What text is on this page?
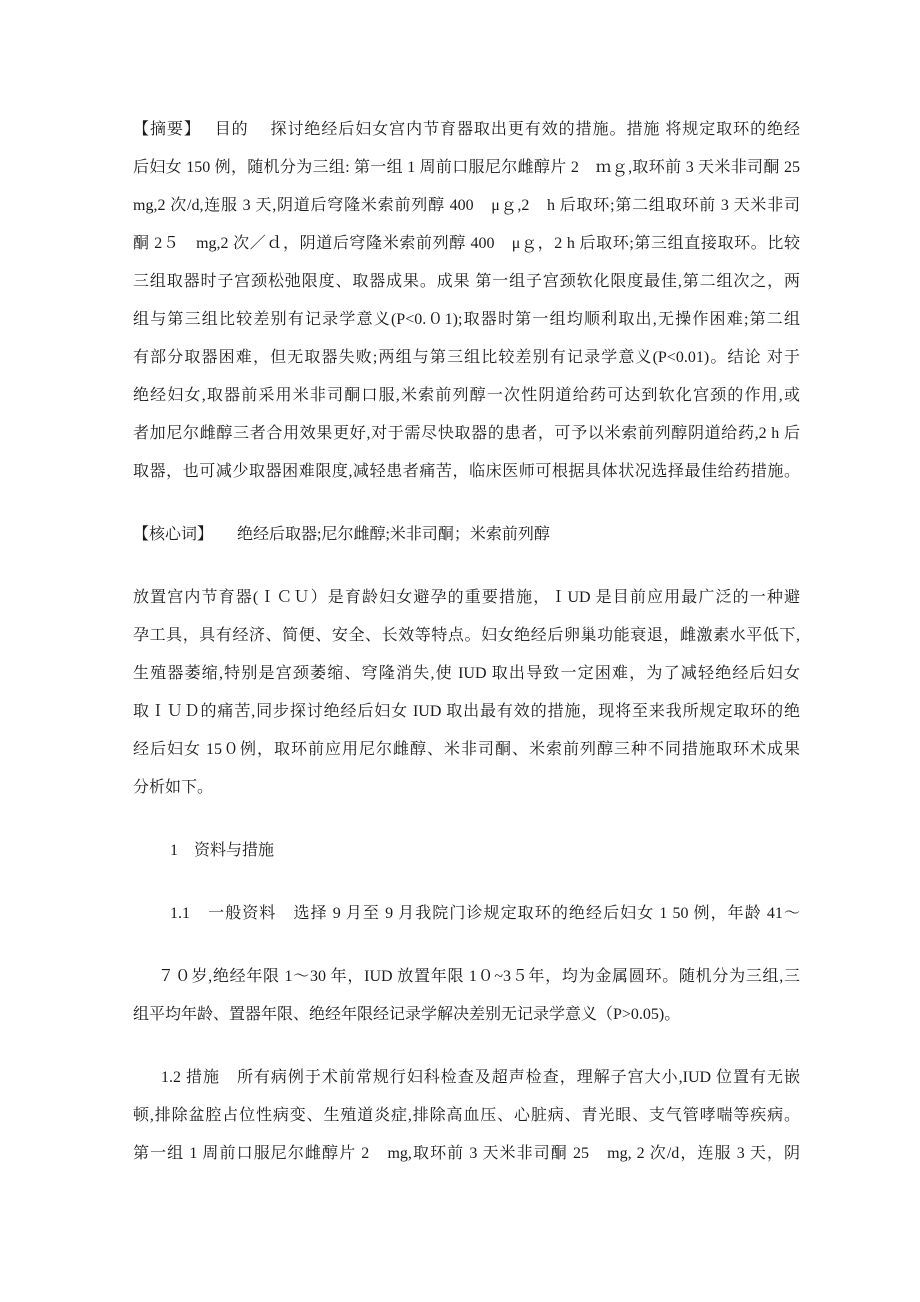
【摘要】　 目的　 探讨绝经后妇女宫内节育器取出更有效的措施。措施 将规定取环的绝经
后妇女 150 例，随机分为三组: 第一组 1 周前口服尼尔雌醇片 2　ｍｇ,取环前 3 天米非司酮 25
mg,2 次/d,连服 3 天,阴道后穹隆米索前列醇 400　μｇ,2　h 后取环;第二组取环前 3 天米非司
酮 2５　mg,2 次／ｄ，阴道后穹隆米索前列醇 400　μｇ，2 h 后取环;第三组直接取环。比较
三组取器时子宫颈松弛限度、取器成果。成果 第一组子宫颈软化限度最佳,第二组次之，两
组与第三组比较差别有记录学意义(P<0.０1);取器时第一组均顺利取出,无操作困难;第二组
有部分取器困难，但无取器失败;两组与第三组比较差别有记录学意义(P<0.01)。结论 对于
绝经妇女,取器前采用米非司酮口服,米索前列醇一次性阴道给药可达到软化宫颈的作用,或
者加尼尔雌醇三者合用效果更好,对于需尽快取器的患者，可予以米索前列醇阴道给药,2 h 后
取器，也可减少取器困难限度,减轻患者痛苦，临床医师可根据具体状况选择最佳给药措施。
【核心词】　　绝经后取器;尼尔雌醇;米非司酮；米索前列醇
放置宫内节育器(ＩＣＵ）是育龄妇女避孕的重要措施，ＩUD 是目前应用最广泛的一种避
孕工具，具有经济、简便、安全、长效等特点。妇女绝经后卵巢功能衰退，雌激素水平低下,
生殖器萎缩,特别是宫颈萎缩、穹隆消失,使 IUD 取出导致一定困难，为了减轻绝经后妇女
取ＩＵＤ的痛苦,同步探讨绝经后妇女 IUD 取出最有效的措施，现将至来我所规定取环的绝
经后妇女 15０例，取环前应用尼尔雌醇、米非司酮、米索前列醇三种不同措施取环术成果
分析如下。
1　资料与措施
1.1　一般资料　选择 9 月至 9 月我院门诊规定取环的绝经后妇女 1 50 例，年龄 41～
７０岁,绝经年限 1～30 年，IUD 放置年限 1０~3５年，均为金属圆环。随机分为三组,三
组平均年龄、置器年限、绝经年限经记录学解决差别无记录学意义（P>0.05)。
1.2 措施　所有病例于术前常规行妇科检查及超声检查，理解子宫大小,IUD 位置有无嵌
顿,排除盆腔占位性病变、生殖道炎症,排除高血压、心脏病、青光眼、支气管哮喘等疾病。
第一组 1 周前口服尼尔雌醇片 2　mg,取环前 3 天米非司酮 25　mg, 2 次/d，连服 3 天，阴
